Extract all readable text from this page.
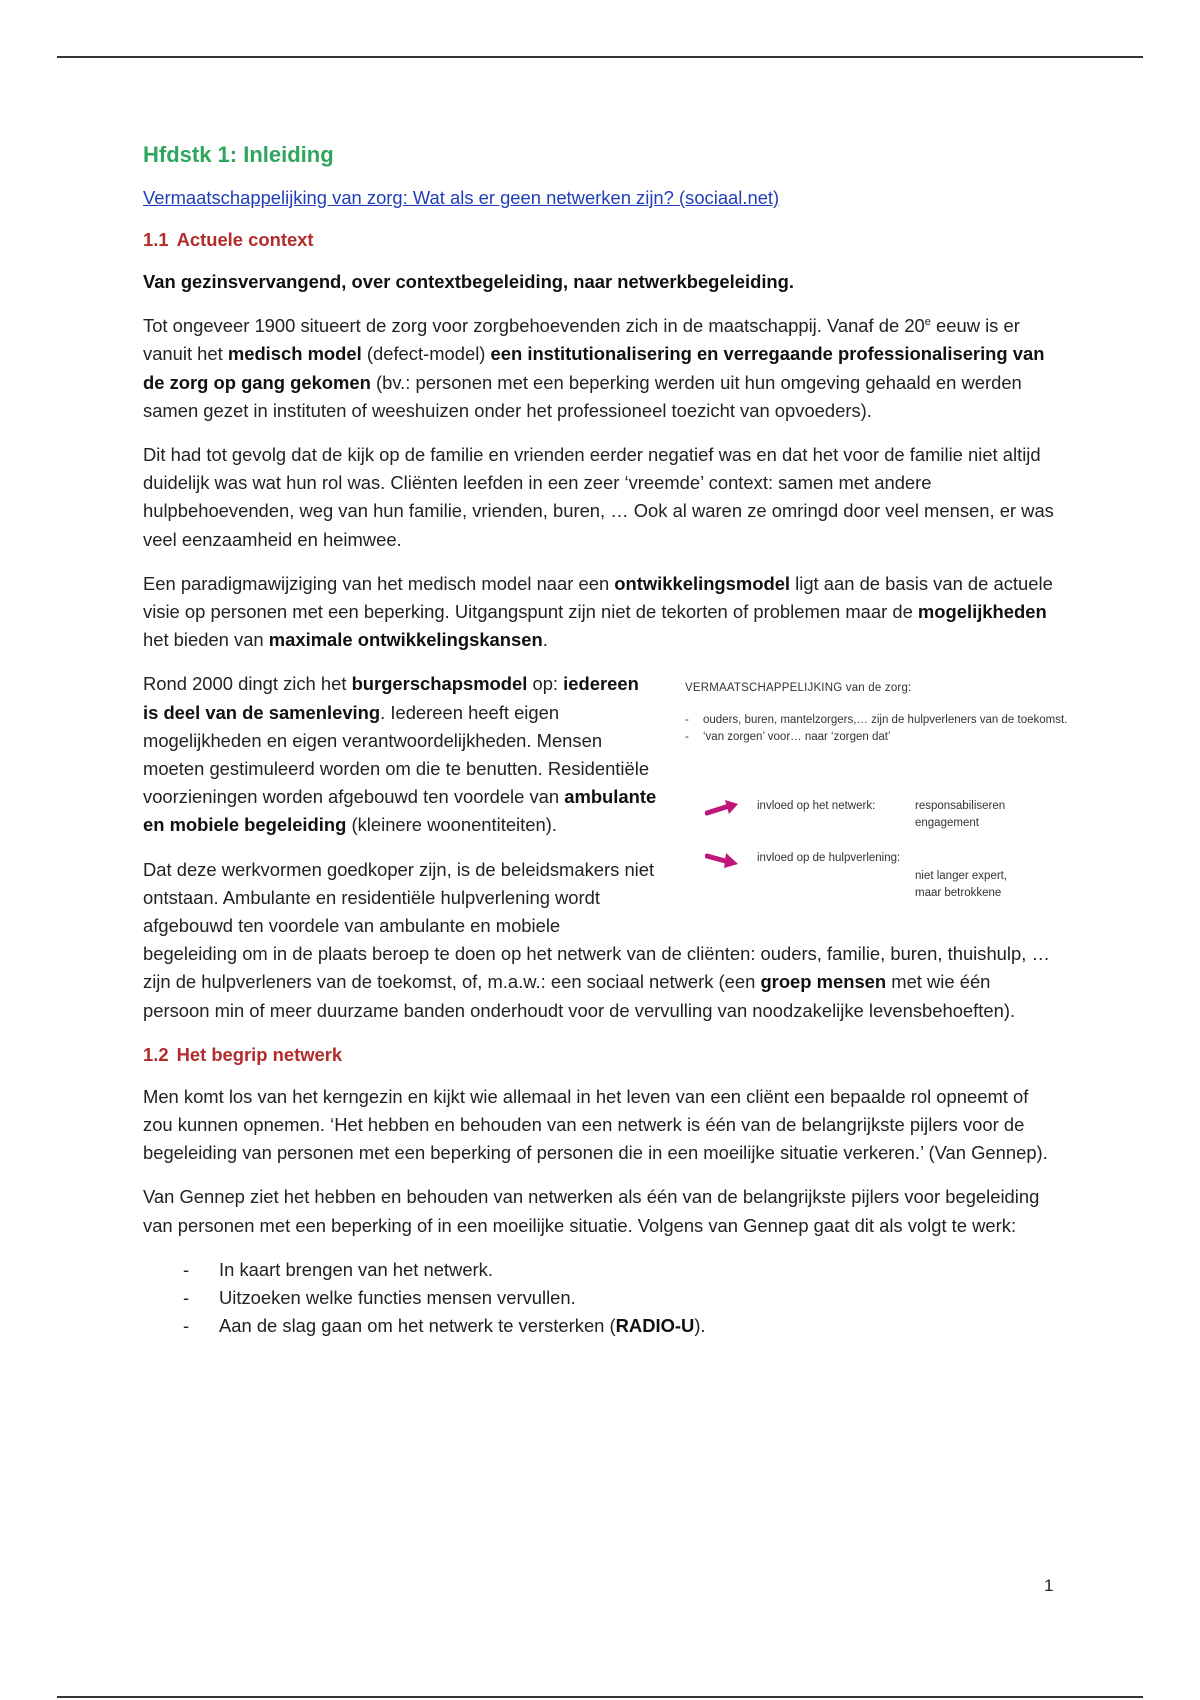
Hfdstk 1: Inleiding
Vermaatschappelijking van zorg: Wat als er geen netwerken zijn? (sociaal.net)
1.1 Actuele context

Van gezinsvervangend, over contextbegeleiding, naar netwerkbegeleiding.

Tot ongeveer 1900 situeert de zorg voor zorgbehoevenden zich in de maatschappij. Vanaf de 20e eeuw is er vanuit het medisch model (defect-model) een institutionalisering en verregaande professionalisering van de zorg op gang gekomen (bv.: personen met een beperking werden uit hun omgeving gehaald en werden samen gezet in instituten of weeshuizen onder het professioneel toezicht van opvoeders).

Dit had tot gevolg dat de kijk op de familie en vrienden eerder negatief was en dat het voor de familie niet altijd duidelijk was wat hun rol was. Cliënten leefden in een zeer ‘vreemde’ context: samen met andere hulpbehoevenden, weg van hun familie, vrienden, buren, … Ook al waren ze omringd door veel mensen, er was veel eenzaamheid en heimwee.

Een paradigmawijziging van het medisch model naar een ontwikkelingsmodel ligt aan de basis van de actuele visie op personen met een beperking. Uitgangspunt zijn niet de tekorten of problemen maar de mogelijkheden het bieden van maximale ontwikkelingskansen.

VERMAATSCHAPPELIJKING van de zorg:
- ouders, buren, mantelzorgers,… zijn de hulpverleners van de toekomst.
- ‘van zorgen’ voor… naar ‘zorgen dat’
invloed op het netwerk:	responsabiliseren
engagement
invloed op de hulpverlening:
niet langer expert,
maar betrokkene

Rond 2000 dingt zich het burgerschapsmodel op: iedereen is deel van de samenleving. Iedereen heeft eigen mogelijkheden en eigen verantwoordelijkheden. Mensen moeten gestimuleerd worden om die te benutten. Residentiële voorzieningen worden afgebouwd ten voordele van ambulante en mobiele begeleiding (kleinere woonentiteiten).

Dat deze werkvormen goedkoper zijn, is de beleidsmakers niet ontstaan. Ambulante en residentiële hulpverlening wordt afgebouwd ten voordele van ambulante en mobiele begeleiding om in de plaats beroep te doen op het netwerk van de cliënten: ouders, familie, buren, thuishulp, … zijn de hulpverleners van de toekomst, of, m.a.w.: een sociaal netwerk (een groep mensen met wie één persoon min of meer duurzame banden onderhoudt voor de vervulling van noodzakelijke levensbehoeften).

1.2 Het begrip netwerk

Men komt los van het kerngezin en kijkt wie allemaal in het leven van een cliënt een bepaalde rol opneemt of zou kunnen opnemen. ‘Het hebben en behouden van een netwerk is één van de belangrijkste pijlers voor de begeleiding van personen met een beperking of personen die in een moeilijke situatie verkeren.’ (Van Gennep).

Van Gennep ziet het hebben en behouden van netwerken als één van de belangrijkste pijlers voor begeleiding van personen met een beperking of in een moeilijke situatie. Volgens van Gennep gaat dit als volgt te werk:

- In kaart brengen van het netwerk.
- Uitzoeken welke functies mensen vervullen.
- Aan de slag gaan om het netwerk te versterken (RADIO-U).
1
